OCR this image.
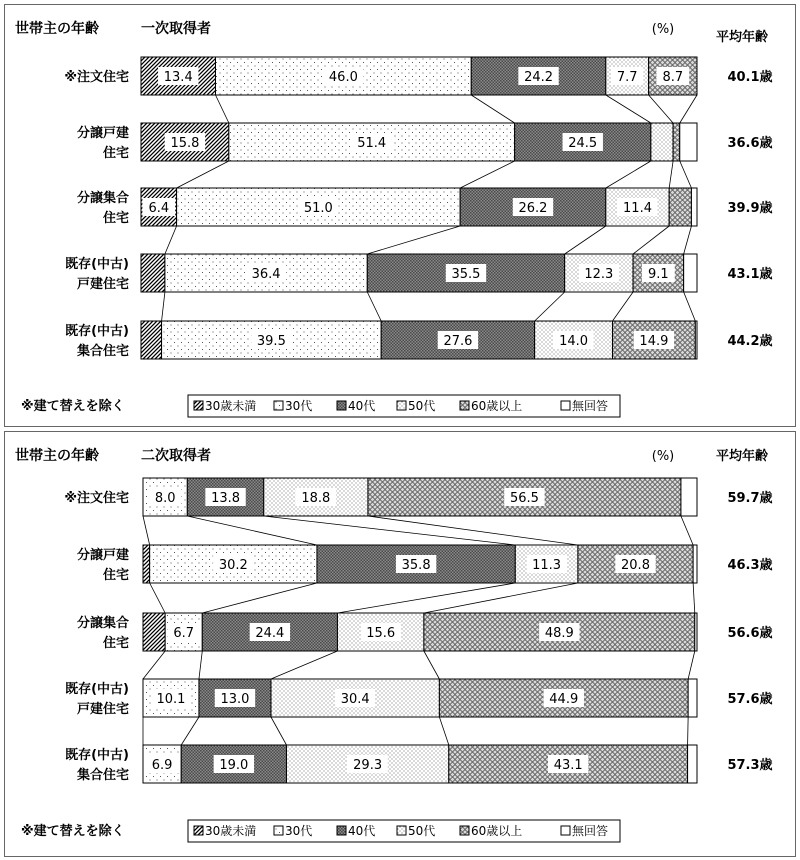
世帯主の年齢	一次取得者	(%)
平均年齢
※注文住宅	13.4	46.0	24.2	7.7 8.7	40.1歳
分譲戸建
住宅
15.8	51.4	24.5	36.6歳
分譲集合
住宅
6.4	51.0	26.2	11.4	39.9歳
既存(中古)
戸建住宅
36.4	35.5	12.3	9.1	43.1歳
既存(中古)
集合住宅
39.5	27.6	14.0	14.9	44.2歳
※建て替えを除く	30歳未満 30代	40代	50代	60歳以上	無回答
世帯主の年齢	二次取得者	(%)	平均年齢
※注文住宅 8.0	13.8	18.8	56.5	59.7歳
分譲戸建
住宅
30.2	35.8	11.3	20.8	46.3歳
分譲集合
住宅
6.7	24.4	15.6	48.9	56.6歳
既存(中古)
戸建住宅
10.1	13.0	30.4	44.9	57.6歳
既存(中古)
集合住宅
6.9	19.0	29.3	43.1	57.3歳
※建て替えを除く	30歳未満 30代	40代	50代	60歳以上	無回答
